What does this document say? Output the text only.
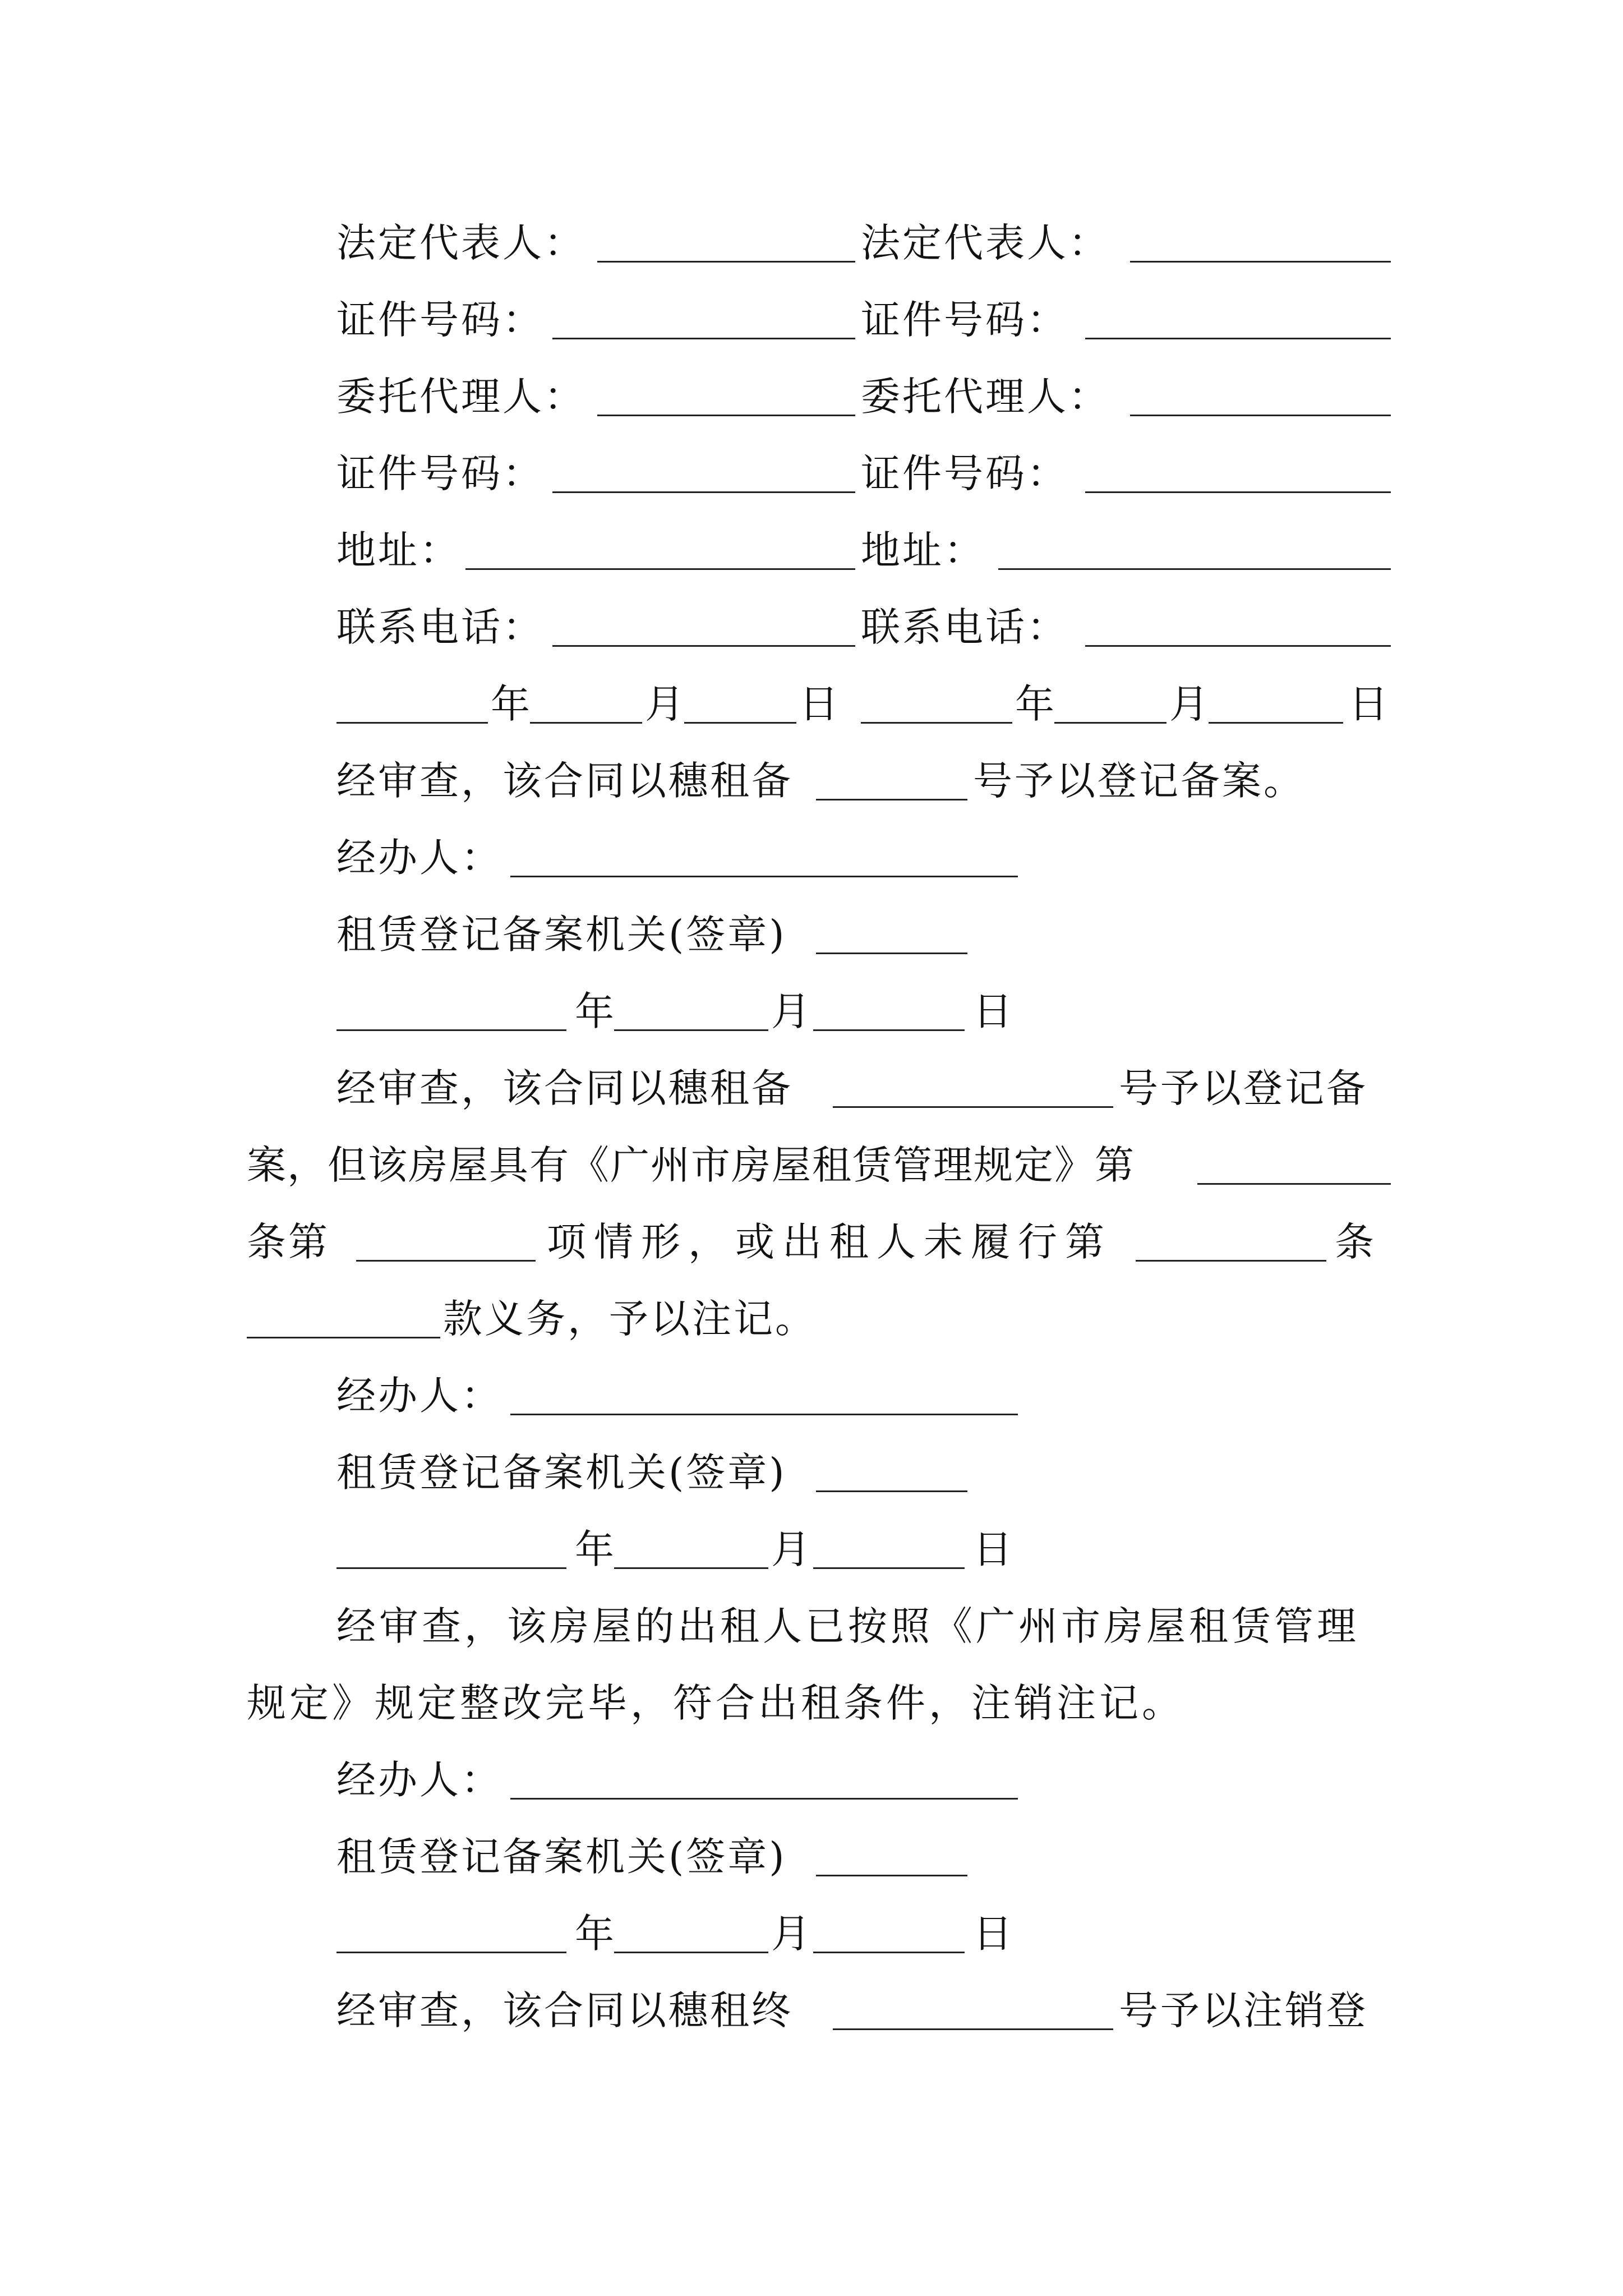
法定代表人：	法定代表人：
证件号码：	证件号码：
委托代理人：	委托代理人：
证件号码：	证件号码：
地址：	地址：
联系电话：	联系电话：
年	月	日	年	月	日
经审查，该合同以穗租备	号予以登记备案。
经办人：
租赁登记备案机关(签章)
年	月	日
经审查，该合同以穗租备	号予以登记备
案，但该房屋具有《广州市房屋租赁管理规定》第
条第	项情形，或出租人未履行第	条
款义务，予以注记。
经办人：
租赁登记备案机关(签章)
年	月	日
经审查，该房屋的出租人已按照《广州市房屋租赁管理
规定》规定整改完毕，符合出租条件，注销注记。
经办人：
租赁登记备案机关(签章)
年	月	日
经审查，该合同以穗租终	号予以注销登
